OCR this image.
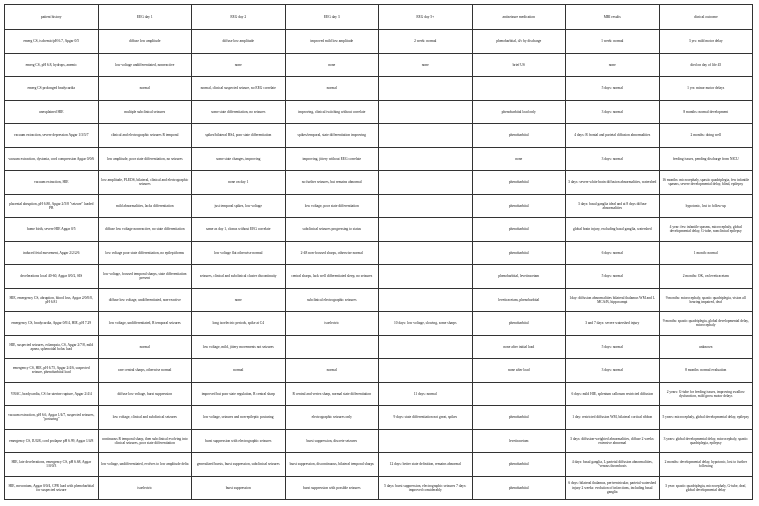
patient history	EEG day 1	EEG day 2	EEG day 3	EEG day 5+	antiseizure medication	MRI results	clinical outcome
emerg CS, ischemic/pH 6.7, Apgar 0/5	diffuse low amplitude	diffuse low amplitude	improved mild low amplitude	2 week: normal	phenobarbital, d/c by discharge	1 week: normal	3 yrs: mild motor delay
emerg CS, pH 6.8, hydrops, anemic	low voltage undifferentiated, nonreactive	none	none	none	brief US	none	died on day of life 45
emerg CS prolonged bradycardia	normal	normal, clinical suspected seizure, no EEG correlate	normal			5 days: normal	1 yrs: minor motor delays
unexplained HIE	multiple subclinical seizures	some state differentiation, no seizures	improving, clinical twitching without correlate		phenobarbital load only	3 days: normal	8 months: normal development
vacuum extraction, severe depression Apgar 1/3/5/7	clinical and electrographic seizures R temporal	spikes/bilateral BS4, poor state differentiation	spikes/temporal, state differentiation improving		phenobarbital	4 days: R frontal and parietal diffusion abnormalities	2 months: doing well
vacuum extraction, dystonia, cord compression Apgar 0/0/6	low amplitude, poor state differentiation, no seizures	some state changes, improving	improving, jittery without EEG correlate		none	3 days: normal	feeding issues, pending discharge from NICU
vacuum extraction, HIE	low amplitude, PLEDS, bilateral, clinical and electrographic seizures	none on day 1	no further seizures, but remains abnormal		phenobarbital	3 days: severe white brain diffusion abnormalities, watershed	16 months: microcephaly, spastic quadriplegia, few infantile spasms, severe developmental delay, blind, epilepsy
placental abruption, pH 6.80, Apgar 2/5/8 "seizure" loaded PB	mild abnormalities, lacks differentiation	just temporal spikes, low voltage	low voltage, poor state differentiation		phenobarbital	3 days: basal ganglia ideal and at 8 days diffuse abnormalities	hypotonic, lost to follow-up
home birth, severe HIE Apgar 0/5	diffuse low voltage nonreactive, no state differentiation	same as day 1, clonus without EEG correlate	subclinical seizures progressing to status		phenobarbital	global brain injury, excluding basal ganglia, watershed	4 year: few infantile spasms, microcephaly, global developmental delay, G-tube, nonclinical epilepsy
induced fetal movement, Apgar 2/2/2/6	low voltage poor state differentiation, no epileptiforms	low voltage flat otherwise normal	2-48 non-focused sharps, otherwise normal		phenobarbital	6 days: normal	1 month: normal
decelerations local 40-60, Apgar 0/0/2, SIS	low voltage, focused temporal sharps, state differentiation present	seizures, clinical and subclinical cluster discontinuity	central sharps, lack well differentiated sleep, no seizures		phenobarbital, levetiracetam	5 days: normal	2 months: OK, on levetiracetam
HIE, emergency CS, abruption, blood loss, Apgar 2/0/0/0, pH 6.81	diffuse low voltage, undifferentiated, non-reactive	none	subclinical electrographic seizures		levetiracetam, phenobarbital	1day: diffusion abnormalities bilateral thalamus WM and L MCA/B, hippocampi	9 months: microcephaly, spastic quadriplegia, vision all hearing impaired, deaf
emergency CS, bradycardia, Apgar 0/0/4, HIE, pH 7.29	low voltage, undifferentiated, R temporal seizures	long isoelectric periods, spike at C4	isoelectric	10 days: low voltage, slowing, some sharps	phenobarbital	3 and 7 days: severe watershed injury	9 months: spastic quadriplegia, global developmental delay, microcephaly
HIE, suspected seizures, eclampsia, CS, Apgar 2/7/8, mild apnea, sphenoidal bolus load	normal	low voltage, mild, jittery movements not seizures			none after initial load	5 days: normal	unknown
emergency CS, HIE, pH 6.75, Apgar 2/4/6, suspected seizure, phenobarbital load	rare central sharps, otherwise normal	normal	normal		none after load	3 days: normal	8 months: normal evaluation
VBAC, bradycardia, CS for uterine rupture, Apgar 2/4/4	diffuse low voltage, burst suppression	improved but poor state regulation, R central sharp	R central and vertex sharp, normal state differentiation	11 days: normal		6 days: mild HIE, splenium callosum restricted diffusion	2 years: G-tube for feeding issues, improving swallow dysfunction, mild gross motor delays
vacuum extraction, pH 6.6, Apgar 1/4/7, suspected seizures, "posturing"	low voltage, clinical and subclinical seizures	low voltage, seizures and non-epileptic posturing	electrographic seizures only	9 days: state differentiation not great, spikes	phenobarbital	1 day: restricted diffusion WM, bilateral cortical ribbon	5 years: microcephaly, global developmental delay, epilepsy
emergency CS, IUGR, cord prolapse pH 6.99, Apgar 1/4/8	continuous R temporal sharp, then subclinical evolving into clinical seizures, poor state differentiation	burst suppression with electrographic seizures	burst suppression, discrete seizures		levetiracetam	3 days: diffusion-weighted abnormalities, diffuse 2 weeks: extensive abnormal	3 years: global developmental delay, microcephaly, spastic quadriplegia, epilepsy
HIE, late decelerations, emergency CS, pH 6.68, Apgar 1/0/0/3	low voltage, undifferentiated, evolves to low amplitude delta	generalized bursts, burst suppression, subclinical seizures	burst suppression, discontinuous, bilateral temporal sharps	12 days: better state definition, remains abnormal	phenobarbital	4 days: basal ganglia, L parietal diffusion abnormalities, "venous thrombosis	2 months: developmental delay, hypotonic, lost to further following
HIE, meconium, Apgar 0/0/4, CPR load with phenobarbital for suspected seizure	isoelectric	burst suppression	burst suppression with possible seizures	5 days: burst suppression, electrographic seizures 7 days: improved considerably	phenobarbital	6 days: bilateral thalamus, periventricular, parietal watershed injury 2 weeks: evolution of infarctions, including basal ganglia	3 year: spastic quadriplegia, microcephaly, G-tube, deaf, global developmental delay
